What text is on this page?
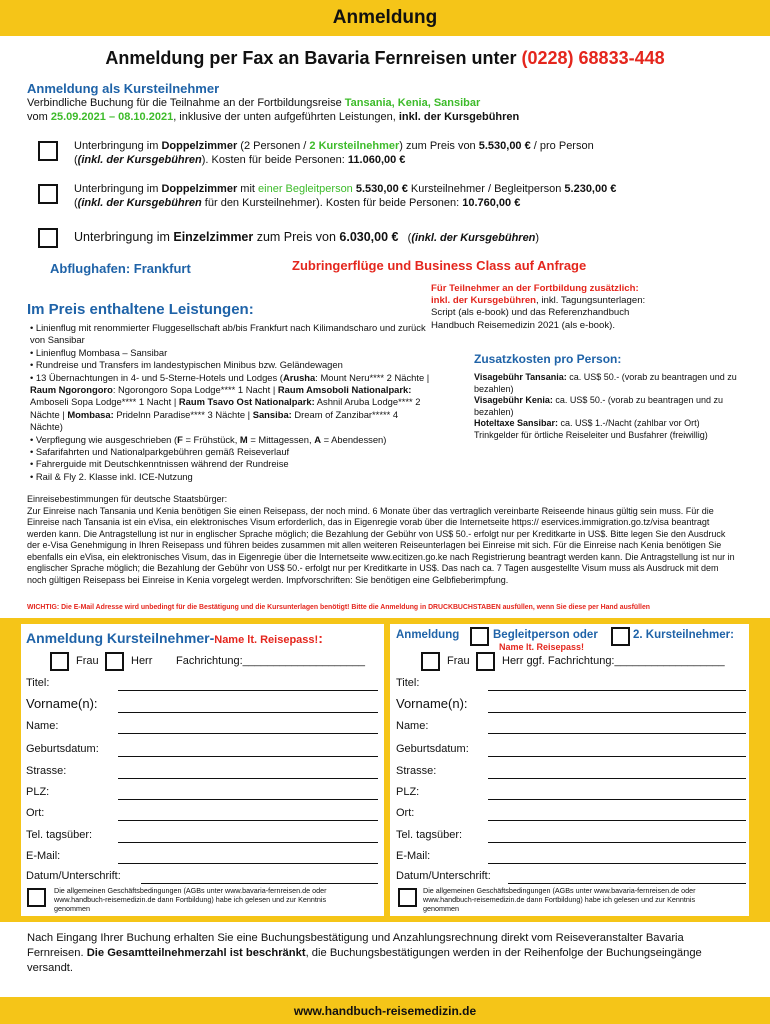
Anmeldung
Anmeldung per Fax an Bavaria Fernreisen unter (0228) 68833-448
Anmeldung als Kursteilnehmer
Verbindliche Buchung für die Teilnahme an der Fortbildungsreise Tansania, Kenia, Sansibar
vom 25.09.2021 – 08.10.2021, inklusive der unten aufgeführten Leistungen, inkl. der Kursgebühren
Unterbringung im Doppelzimmer (2 Personen / 2 Kursteilnehmer) zum Preis von 5.530,00 € / pro Person
((inkl. der Kursgebühren). Kosten für beide Personen: 11.060,00 €
Unterbringung im Doppelzimmer mit einer Begleitperson 5.530,00 € Kursteilnehmer / Begleitperson 5.230,00 €
((inkl. der Kursgebühren für den Kursteilnehmer). Kosten für beide Personen: 10.760,00 €
Unterbringung im Einzelzimmer zum Preis von 6.030,00 €   ((inkl. der Kursgebühren)
Abflughafen: Frankfurt	Zubringerflüge und Business Class auf Anfrage
Für Teilnehmer an der Fortbildung zusätzlich:
inkl. der Kursgebühren, inkl. Tagungsunterlagen:
Script (als e-book) und das Referenzhandbuch
Handbuch Reisemedizin 2021 (als e-book).
Im Preis enthaltene Leistungen:
• Linienflug mit renommierter Fluggesellschaft ab/bis Frankfurt nach Kilimandscharo und zurück von Sansibar
• Linienflug Mombasa – Sansibar
• Rundreise und Transfers im landestypischen Minibus bzw. Geländewagen
• 13 Übernachtungen in 4- und 5-Sterne-Hotels und Lodges (Arusha: Mount Neru**** 2 Nächte | Raum Ngorongoro: Ngorongoro Sopa Lodge**** 1 Nacht | Raum Amsoboli Nationalpark: Amboseli Sopa Lodge**** 1 Nacht | Raum Tsavo Ost Nationalpark: Ashnil Aruba Lodge**** 2 Nächte | Mombasa: Pridelnn Paradise**** 3 Nächte | Sansiba: Dream of Zanzibar***** 4 Nächte)
• Verpflegung wie ausgeschrieben (F = Frühstück, M = Mittagessen, A = Abendessen)
• Safarifahrten und Nationalparkgebühren gemäß Reiseverlauf
• Fahrerguide mit Deutschkenntnissen während der Rundreise
• Rail & Fly 2. Klasse inkl. ICE-Nutzung
Zusatzkosten pro Person:
Visagebühr Tansania: ca. US$ 50.- (vorab zu beantragen und zu bezahlen)
Visagebühr Kenia: ca. US$ 50.- (vorab zu beantragen und zu bezahlen)
Hoteltaxe Sansibar: ca. US$ 1.-/Nacht (zahlbar vor Ort)
Trinkgelder für örtliche Reiseleiter und Busfahrer (freiwillig)
Einreisebestimmungen für deutsche Staatsbürger:
Zur Einreise nach Tansania und Kenia benötigen Sie einen Reisepass, der noch mind. 6 Monate über das vertraglich vereinbarte Reiseende hinaus gültig sein muss. Für die Einreise nach Tansania ist ein eVisa, ein elektronisches Visum erforderlich, das in Eigenregie vorab über die Internetseite https:// eservices.immigration.go.tz/visa beantragt werden kann. Die Antragstellung ist nur in englischer Sprache möglich; die Bezahlung der Gebühr von US$ 50.- erfolgt nur per Kreditkarte in US$. Bitte legen Sie den Ausdruck der e-Visa Genehmigung in Ihren Reisepass und führen beides zusammen mit allen weiteren Reiseunterlagen bei Einreise mit sich. Für die Einreise nach Kenia benötigen Sie ebenfalls ein eVisa, ein elektronisches Visum, das in Eigenregie über die Internetseite www.ecitizen.go.ke nach Registrierung beantragt werden kann. Die Antragstellung ist nur in englischer Sprache möglich; die Bezahlung der Gebühr von US$ 50.- erfolgt nur per Kreditkarte in US$. Das nach ca. 7 Tagen ausgestellte Visum muss als Ausdruck mit dem noch gültigen Reisepass bei Einreise in Kenia vorgelegt werden. Impfvorschriften: Sie benötigen eine Gelbfieberimpfung.
WICHTIG: Die E-Mail Adresse wird unbedingt für die Bestätigung und die Kursunterlagen benötigt! Bitte die Anmeldung in DRUCKBUCHSTABEN ausfüllen, wenn Sie diese per Hand ausfüllen
Anmeldung Kursteilnehmer-Name lt. Reisepass!:
Frau	Herr Fachrichtung:____________________
Titel:
Vorname(n):
Name:
Geburtsdatum:
Strasse:
PLZ:
Ort:
Tel. tagsüber:
E-Mail:
Datum/Unterschrift:
Die allgemeinen Geschäftsbedingungen (AGBs unter www.bavaria-fernreisen.de oder www.handbuch-reisemedizin.de dann Fortbildung) habe ich gelesen und zur Kenntnis genommen
Anmeldung	Begleitperson oder	2. Kursteilnehmer:
Name lt. Reisepass!
Frau	Herr ggf. Fachrichtung:__________________
Titel:
Vorname(n):
Name:
Geburtsdatum:
Strasse:
PLZ:
Ort:
Tel. tagsüber:
E-Mail:
Datum/Unterschrift:
Die allgemeinen Geschäftsbedingungen (AGBs unter www.bavaria-fernreisen.de oder www.handbuch-reisemedizin.de dann Fortbildung) habe ich gelesen und zur Kenntnis genommen
Nach Eingang Ihrer Buchung erhalten Sie eine Buchungsbestätigung und Anzahlungsrechnung direkt vom Reiseveranstalter Bavaria Fernreisen. Die Gesamtteilnehmerzahl ist beschränkt, die Buchungsbestätigungen werden in der Reihenfolge der Buchungseingänge versandt.
www.handbuch-reisemedizin.de
